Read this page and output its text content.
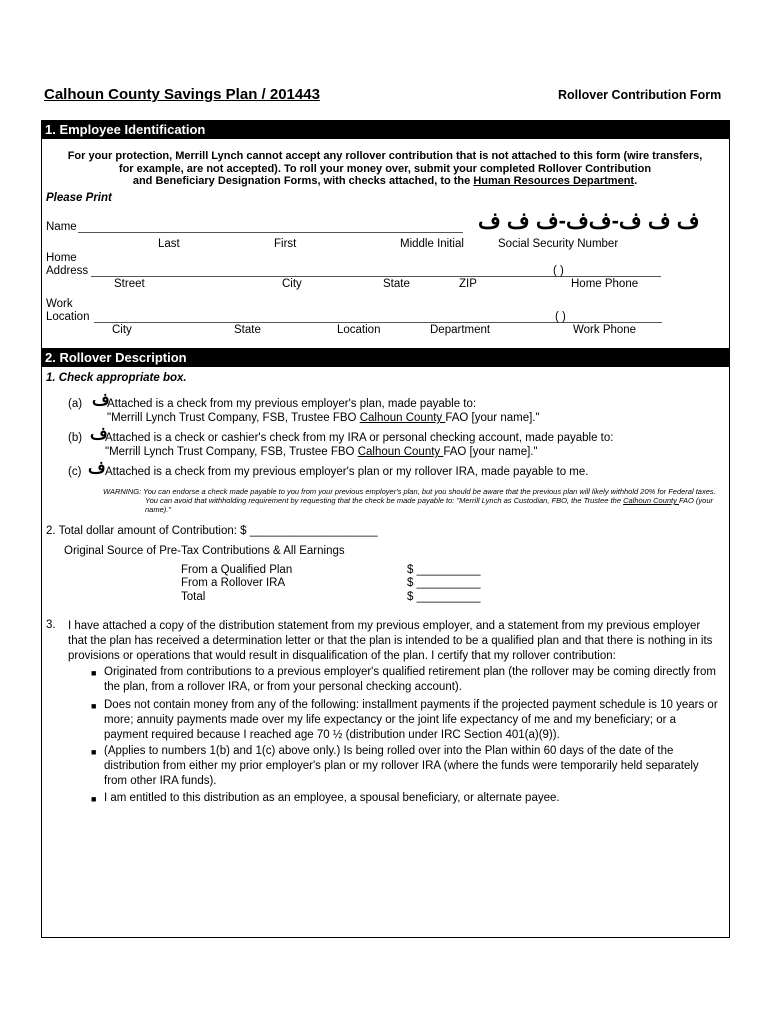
Calhoun County Savings Plan / 201443	Rollover Contribution Form
1. Employee Identification
For your protection, Merrill Lynch cannot accept any rollover contribution that is not attached to this form (wire transfers,
for example, are not accepted). To roll your money over, submit your completed Rollover Contribution
and Beneficiary Designation Forms, with checks attached, to the Human Resources Department.
Please Print
Name	ﻑ ﻑ ﻑ-ﻑﻑ-ﻑ ﻑ ﻑ
Last	First	Middle Initial	Social Security Number
Home
Address	( )
Street	City	State	ZIP	Home Phone
Work
Location	( )
City	State	Location	Department	Work Phone
2. Rollover Description
1. Check appropriate box.
(a) ﻑ
Attached is a check from my previous employer's plan, made payable to:
"Merrill Lynch Trust Company, FSB, Trustee FBO Calhoun County FAO [your name]."
(b) ﻑ
Attached is a check or cashier's check from my IRA or personal checking account, made payable to:
"Merrill Lynch Trust Company, FSB, Trustee FBO Calhoun County FAO [your name]."
(c) ﻑ Attached is a check from my previous employer's plan or my rollover IRA, made payable to me.
WARNING: You can endorse a check made payable to you from your previous employer's plan, but you should be aware that the previous plan will likely withhold 20% for Federal taxes.
You can avoid that withholding requirement by requesting that the check be made payable to: "Merrill Lynch as Custodian, FBO, the Trustee the Calhoun County FAO (your
name)."
2. Total dollar amount of Contribution: $ ____________________
Original Source of Pre-Tax Contributions & All Earnings
From a Qualified Plan	$ __________
From a Rollover IRA	$ __________
Total	$ __________
3. I have attached a copy of the distribution statement from my previous employer, and a statement from my previous employer that the plan has received a determination letter or that the plan is intended to be a qualified plan and that there is nothing in its provisions or operations that would result in disqualification of the plan. I certify that my rollover contribution:
■ Originated from contributions to a previous employer's qualified retirement plan (the rollover may be coming directly from the plan, from a rollover IRA, or from your personal checking account).
■ Does not contain money from any of the following: installment payments if the projected payment schedule is 10 years or more; annuity payments made over my life expectancy or the joint life expectancy of me and my beneficiary; or a payment required because I reached age 70 ½ (distribution under IRC Section 401(a)(9)).
■ (Applies to numbers 1(b) and 1(c) above only.) Is being rolled over into the Plan within 60 days of the date of the distribution from either my prior employer's plan or my rollover IRA (where the funds were temporarily held separately from other IRA funds).
■ I am entitled to this distribution as an employee, a spousal beneficiary, or alternate payee.
